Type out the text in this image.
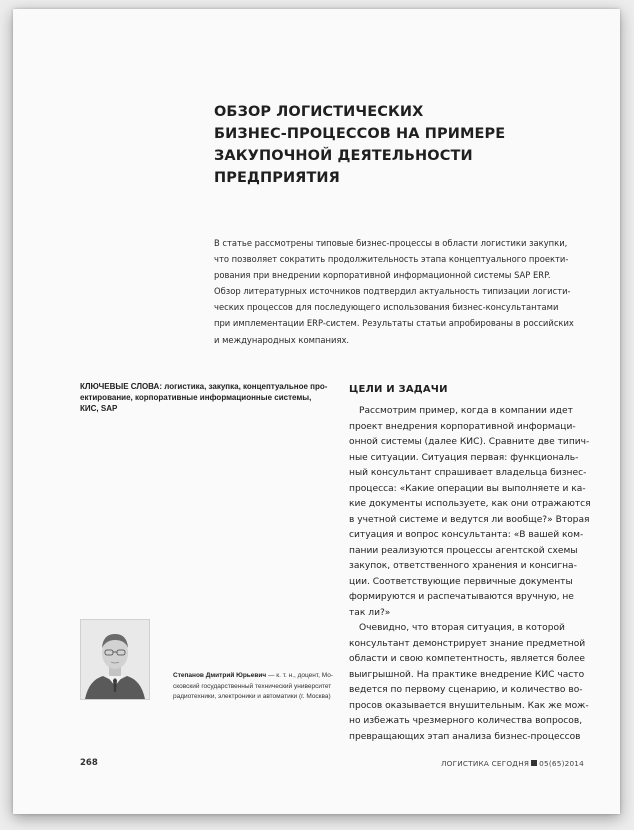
ОБЗОР ЛОГИСТИЧЕСКИХ
БИЗНЕС-ПРОЦЕССОВ НА ПРИМЕРЕ
ЗАКУПОЧНОЙ ДЕЯТЕЛЬНОСТИ
ПРЕДПРИЯТИЯ
В статье рассмотрены типовые бизнес-процессы в области логистики закупки,
что позволяет сократить продолжительность этапа концептуального проекти-
рования при внедрении корпоративной информационной системы SAP ERP.
Обзор литературных источников подтвердил актуальность типизации логисти-
ческих процессов для последующего использования бизнес-консультантами
при имплементации ERP-систем. Результаты статьи апробированы в российских
и международных компаниях.
КЛЮЧЕВЫЕ СЛОВА: логистика, закупка, концептуальное про-
ектирование, корпоративные информационные системы,
КИС, SAP
ЦЕЛИ И ЗАДАЧИ
Рассмотрим пример, когда в компании идет
проект внедрения корпоративной информаци-
онной системы (далее КИС). Сравните две типич-
ные ситуации. Ситуация первая: функциональ-
ный консультант спрашивает владельца бизнес-
процесса: «Какие операции вы выполняете и ка-
кие документы используете, как они отражаются
в учетной системе и ведутся ли вообще?» Вторая
ситуация и вопрос консультанта: «В вашей ком-
пании реализуются процессы агентской схемы
закупок, ответственного хранения и консигна-
ции. Соответствующие первичные документы
формируются и распечатываются вручную, не
так ли?»
Очевидно, что вторая ситуация, в которой
консультант демонстрирует знание предметной
области и свою компетентность, является более
выигрышной. На практике внедрение КИС часто
ведется по первому сценарию, и количество во-
просов оказывается внушительным. Как же мож-
но избежать чрезмерного количества вопросов,
превращающих этап анализа бизнес-процессов
Степанов Дмитрий Юрьевич — к. т. н., доцент, Мо-
сковский государственный технический университет
радиотехники, электроники и автоматики (г. Москва)
268	ЛОГИСТИКА СЕГОДНЯ 05(65)2014
